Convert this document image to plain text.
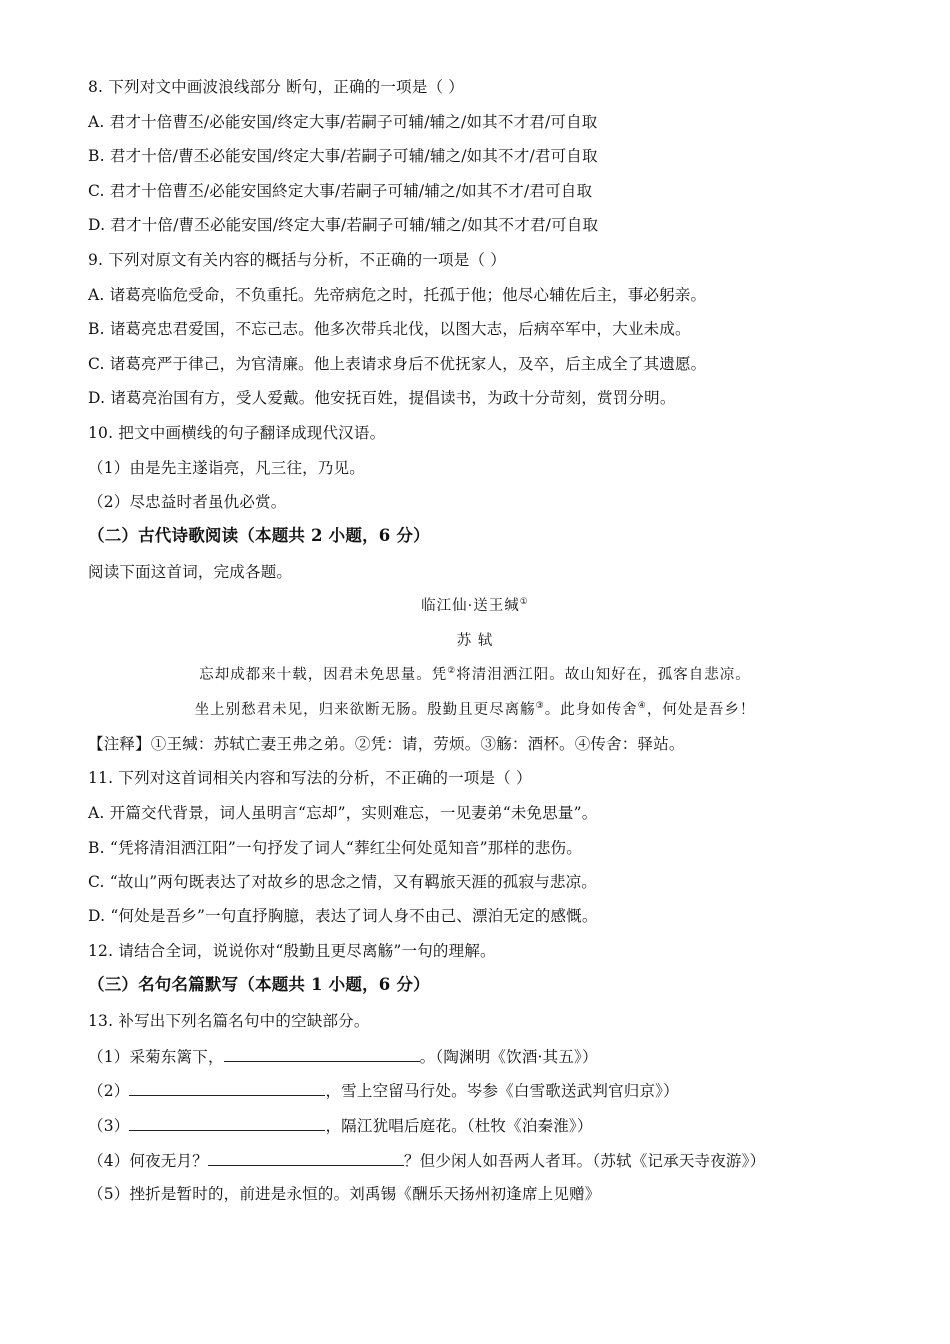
8. 下列对文中画波浪线部分 断句，正确的一项是（ ）
A. 君才十倍曹丕/必能安国/终定大事/若嗣子可辅/辅之/如其不才君/可自取
B. 君才十倍/曹丕必能安国/终定大事/若嗣子可辅/辅之/如其不才/君可自取
C. 君才十倍曹丕/必能安国終定大事/若嗣子可辅/辅之/如其不才/君可自取
D. 君才十倍/曹丕必能安国/终定大事/若嗣子可辅/辅之/如其不才君/可自取
9. 下列对原文有关内容的概括与分析，不正确的一项是（ ）
A. 诸葛亮临危受命，不负重托。先帝病危之时，托孤于他；他尽心辅佐后主，事必躬亲。
B. 诸葛亮忠君爱国，不忘己志。他多次带兵北伐，以图大志，后病卒军中，大业未成。
C. 诸葛亮严于律己，为官清廉。他上表请求身后不优抚家人，及卒，后主成全了其遗愿。
D. 诸葛亮治国有方，受人爱戴。他安抚百姓，提倡读书，为政十分苛刻，赏罚分明。
10. 把文中画横线的句子翻译成现代汉语。
（1）由是先主遂诣亮，凡三往，乃见。
（2）尽忠益时者虽仇必赏。
（二）古代诗歌阅读（本题共 2 小题，6 分）
阅读下面这首词，完成各题。
临江仙·送王缄①
苏 轼
忘却成都来十载，因君未免思量。凭②将清泪洒江阳。故山知好在，孤客自悲凉。
坐上别愁君未见，归来欲断无肠。殷勤且更尽离觞③。此身如传舍④，何处是吾乡！
【注释】①王缄：苏轼亡妻王弗之弟。②凭：请，劳烦。③觞：酒杯。④传舍：驿站。
11. 下列对这首词相关内容和写法的分析，不正确的一项是（ ）
A. 开篇交代背景，词人虽明言“忘却”，实则难忘，一见妻弟“未免思量”。
B. “凭将清泪洒江阳”一句抒发了词人“葬红尘何处觅知音”那样的悲伤。
C. “故山”两句既表达了对故乡的思念之情，又有羁旅天涯的孤寂与悲凉。
D. “何处是吾乡”一句直抒胸臆，表达了词人身不由己、漂泊无定的感慨。
12. 请结合全词，说说你对“殷勤且更尽离觞”一句的理解。
（三）名句名篇默写（本题共 1 小题，6 分）
13. 补写出下列名篇名句中的空缺部分。
（1）采菊东篱下，	。（陶渊明《饮酒·其五》）
（2）	，雪上空留马行处。岑参《白雪歌送武判官归京》）
（3）	，隔江犹唱后庭花。（杜牧《泊秦淮》）
（4）何夜无月？	？但少闲人如吾两人者耳。（苏轼《记承天寺夜游》）
（5）挫折是暂时的，前进是永恒的。刘禹锡《酬乐天扬州初逢席上见赠》
